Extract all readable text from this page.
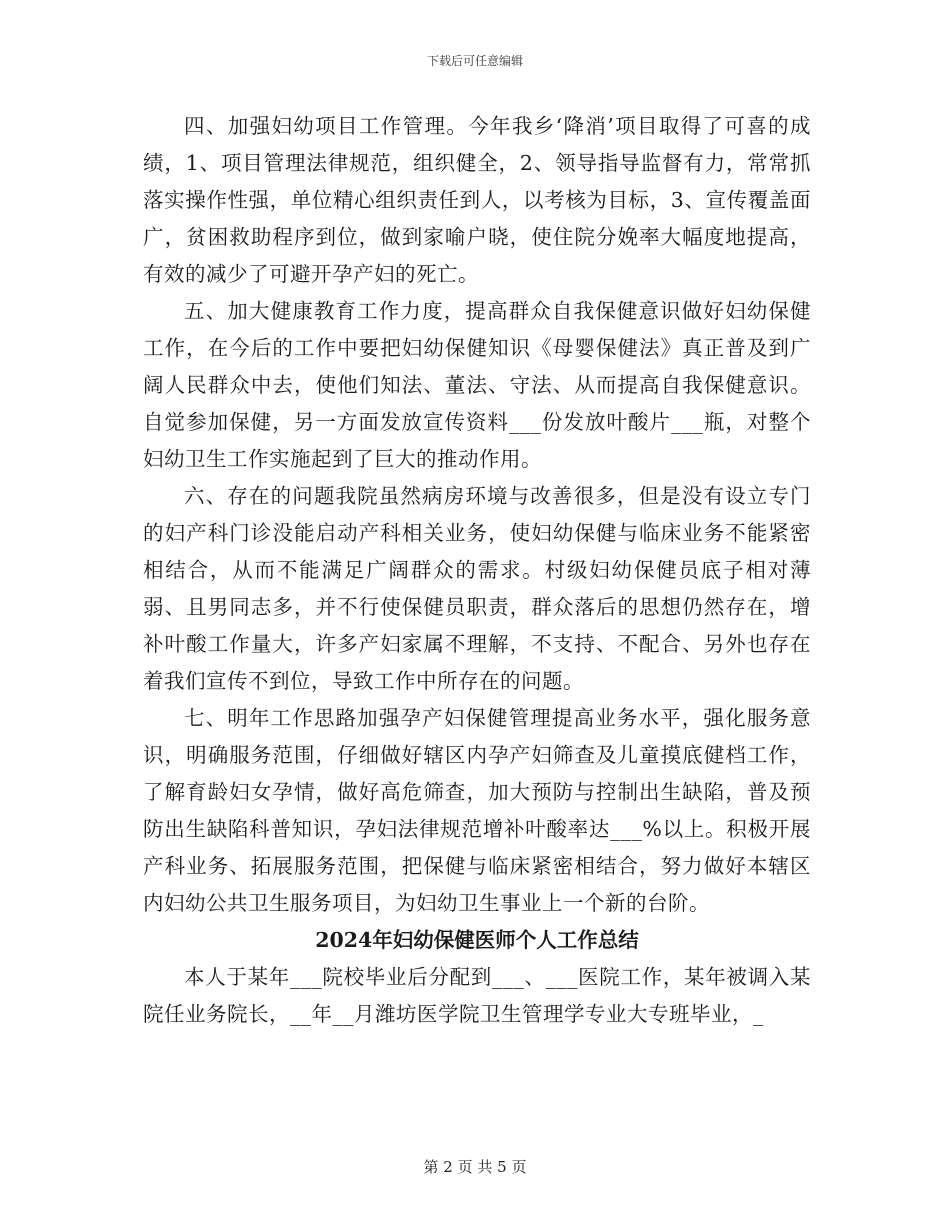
下载后可任意编辑

四、加强妇幼项目工作管理。今年我乡‘降消’项目取得了可喜的成绩，1、项目管理法律规范，组织健全，2、领导指导监督有力，常常抓落实操作性强，单位精心组织责任到人，以考核为目标，3、宣传覆盖面广，贫困救助程序到位，做到家喻户晓，使住院分娩率大幅度地提高，有效的减少了可避开孕产妇的死亡。

五、加大健康教育工作力度，提高群众自我保健意识做好妇幼保健工作，在今后的工作中要把妇幼保健知识《母婴保健法》真正普及到广阔人民群众中去，使他们知法、董法、守法、从而提高自我保健意识。自觉参加保健，另一方面发放宣传资料___份发放叶酸片___瓶，对整个妇幼卫生工作实施起到了巨大的推动作用。

六、存在的问题我院虽然病房环境与改善很多，但是没有设立专门的妇产科门诊没能启动产科相关业务，使妇幼保健与临床业务不能紧密相结合，从而不能满足广阔群众的需求。村级妇幼保健员底子相对薄弱、且男同志多，并不行使保健员职责，群众落后的思想仍然存在，增补叶酸工作量大，许多产妇家属不理解，不支持、不配合、另外也存在着我们宣传不到位，导致工作中所存在的问题。

七、明年工作思路加强孕产妇保健管理提高业务水平，强化服务意识，明确服务范围，仔细做好辖区内孕产妇筛查及儿童摸底健档工作，了解育龄妇女孕情，做好高危筛查，加大预防与控制出生缺陷，普及预防出生缺陷科普知识，孕妇法律规范增补叶酸率达___%以上。积极开展产科业务、拓展服务范围，把保健与临床紧密相结合，努力做好本辖区内妇幼公共卫生服务项目，为妇幼卫生事业上一个新的台阶。

2024年妇幼保健医师个人工作总结

本人于某年___院校毕业后分配到___、___医院工作，某年被调入某院任业务院长，__年__月潍坊医学院卫生管理学专业大专班毕业，_

第 2 页 共 5 页
